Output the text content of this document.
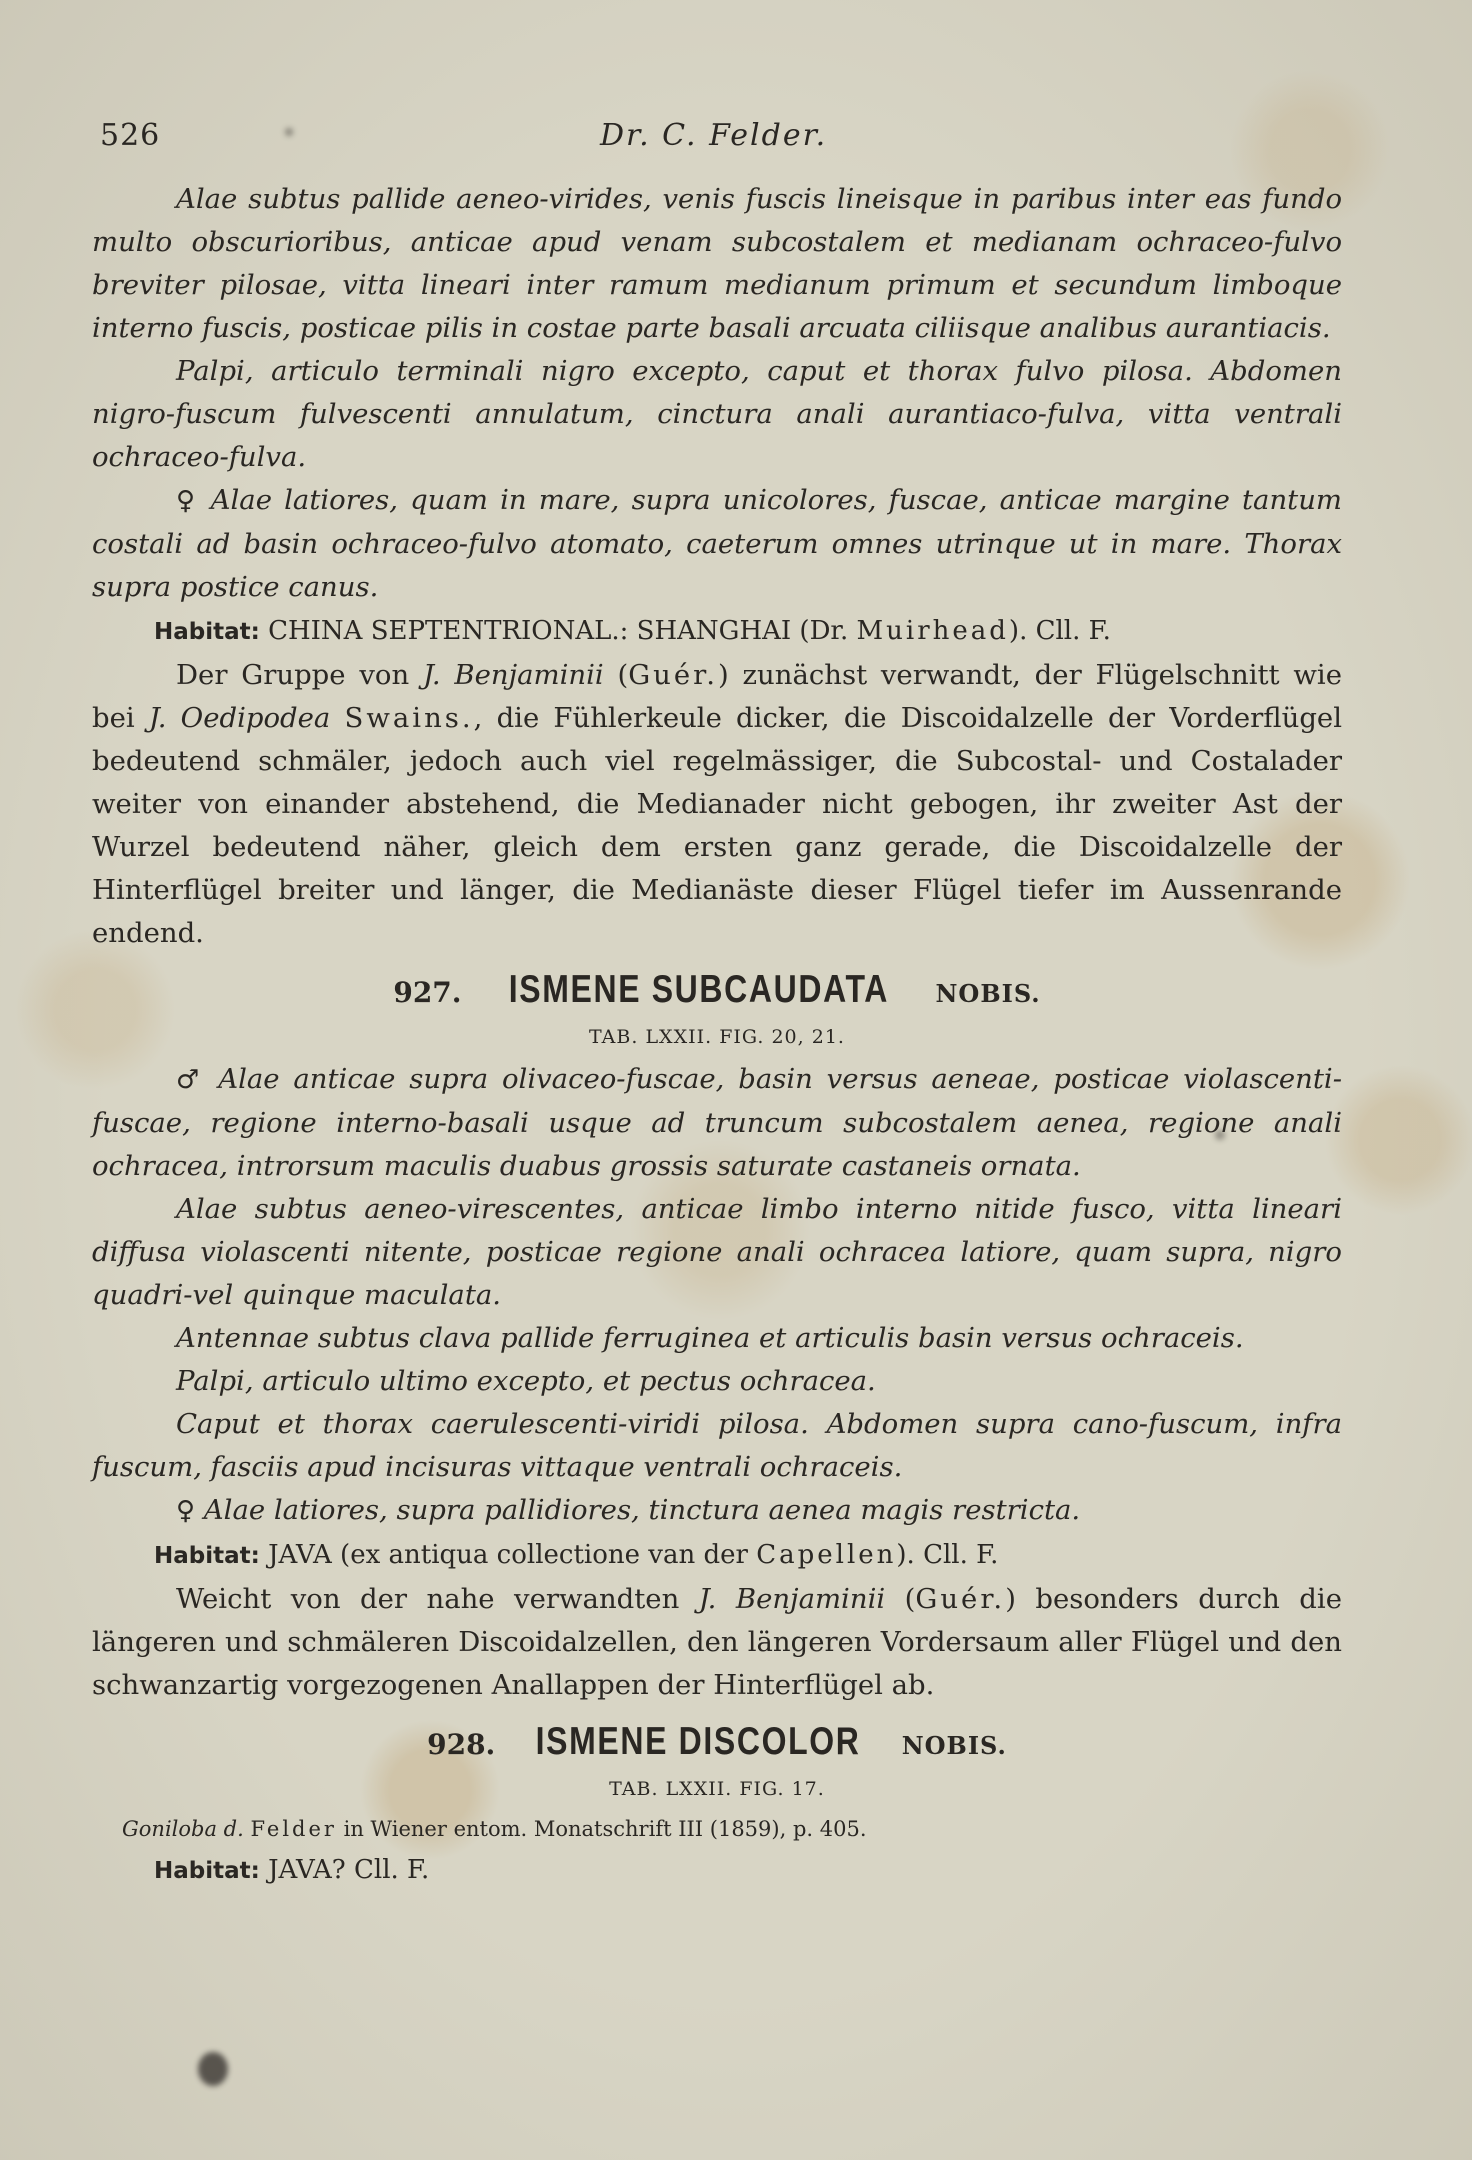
526	Dr. C. Felder.

Alae subtus pallide aeneo-virides, venis fuscis lineisque in paribus inter eas fundo multo obscurioribus, anticae apud venam subcostalem et medianam ochraceo-fulvo breviter pilosae, vitta lineari inter ramum medianum primum et secundum limboque interno fuscis, posticae pilis in costae parte basali arcuata ciliisque analibus aurantiacis.

Palpi, articulo terminali nigro excepto, caput et thorax fulvo pilosa. Abdomen nigro-fuscum fulvescenti annulatum, cinctura anali aurantiaco-fulva, vitta ventrali ochraceo-fulva.

♀ Alae latiores, quam in mare, supra unicolores, fuscae, anticae margine tantum costali ad basin ochraceo-fulvo atomato, caeterum omnes utrinque ut in mare. Thorax supra postice canus.

Habitat: CHINA SEPTENTRIONAL.: SHANGHAI (Dr. Muirhead). Cll. F.

Der Gruppe von J. Benjaminii (Guér.) zunächst verwandt, der Flügelschnitt wie bei J. Oedipodea Swains., die Fühlerkeule dicker, die Discoidalzelle der Vorderflügel bedeutend schmäler, jedoch auch viel regelmässiger, die Subcostal- und Costalader weiter von einander abstehend, die Medianader nicht gebogen, ihr zweiter Ast der Wurzel bedeutend näher, gleich dem ersten ganz gerade, die Discoidalzelle der Hinterflügel breiter und länger, die Medianäste dieser Flügel tiefer im Aussenrande endend.

927. ISMENE SUBCAUDATA NOBIS.
TAB. LXXII. FIG. 20, 21.

♂ Alae anticae supra olivaceo-fuscae, basin versus aeneae, posticae violascenti-fuscae, regione interno-basali usque ad truncum subcostalem aenea, regione anali ochracea, introrsum maculis duabus grossis saturate castaneis ornata.

Alae subtus aeneo-virescentes, anticae limbo interno nitide fusco, vitta lineari diffusa violascenti nitente, posticae regione anali ochracea latiore, quam supra, nigro quadri-vel quinque maculata.

Antennae subtus clava pallide ferruginea et articulis basin versus ochraceis.

Palpi, articulo ultimo excepto, et pectus ochracea.

Caput et thorax caerulescenti-viridi pilosa. Abdomen supra cano-fuscum, infra fuscum, fasciis apud incisuras vittaque ventrali ochraceis.

♀ Alae latiores, supra pallidiores, tinctura aenea magis restricta.

Habitat: JAVA (ex antiqua collectione van der Capellen). Cll. F.

Weicht von der nahe verwandten J. Benjaminii (Guér.) besonders durch die längeren und schmäleren Discoidalzellen, den längeren Vordersaum aller Flügel und den schwanzartig vorgezogenen Anallappen der Hinterflügel ab.

928. ISMENE DISCOLOR NOBIS.
TAB. LXXII. FIG. 17.

Goniloba d. Felder in Wiener entom. Monatschrift III (1859), p. 405.

Habitat: JAVA? Cll. F.
